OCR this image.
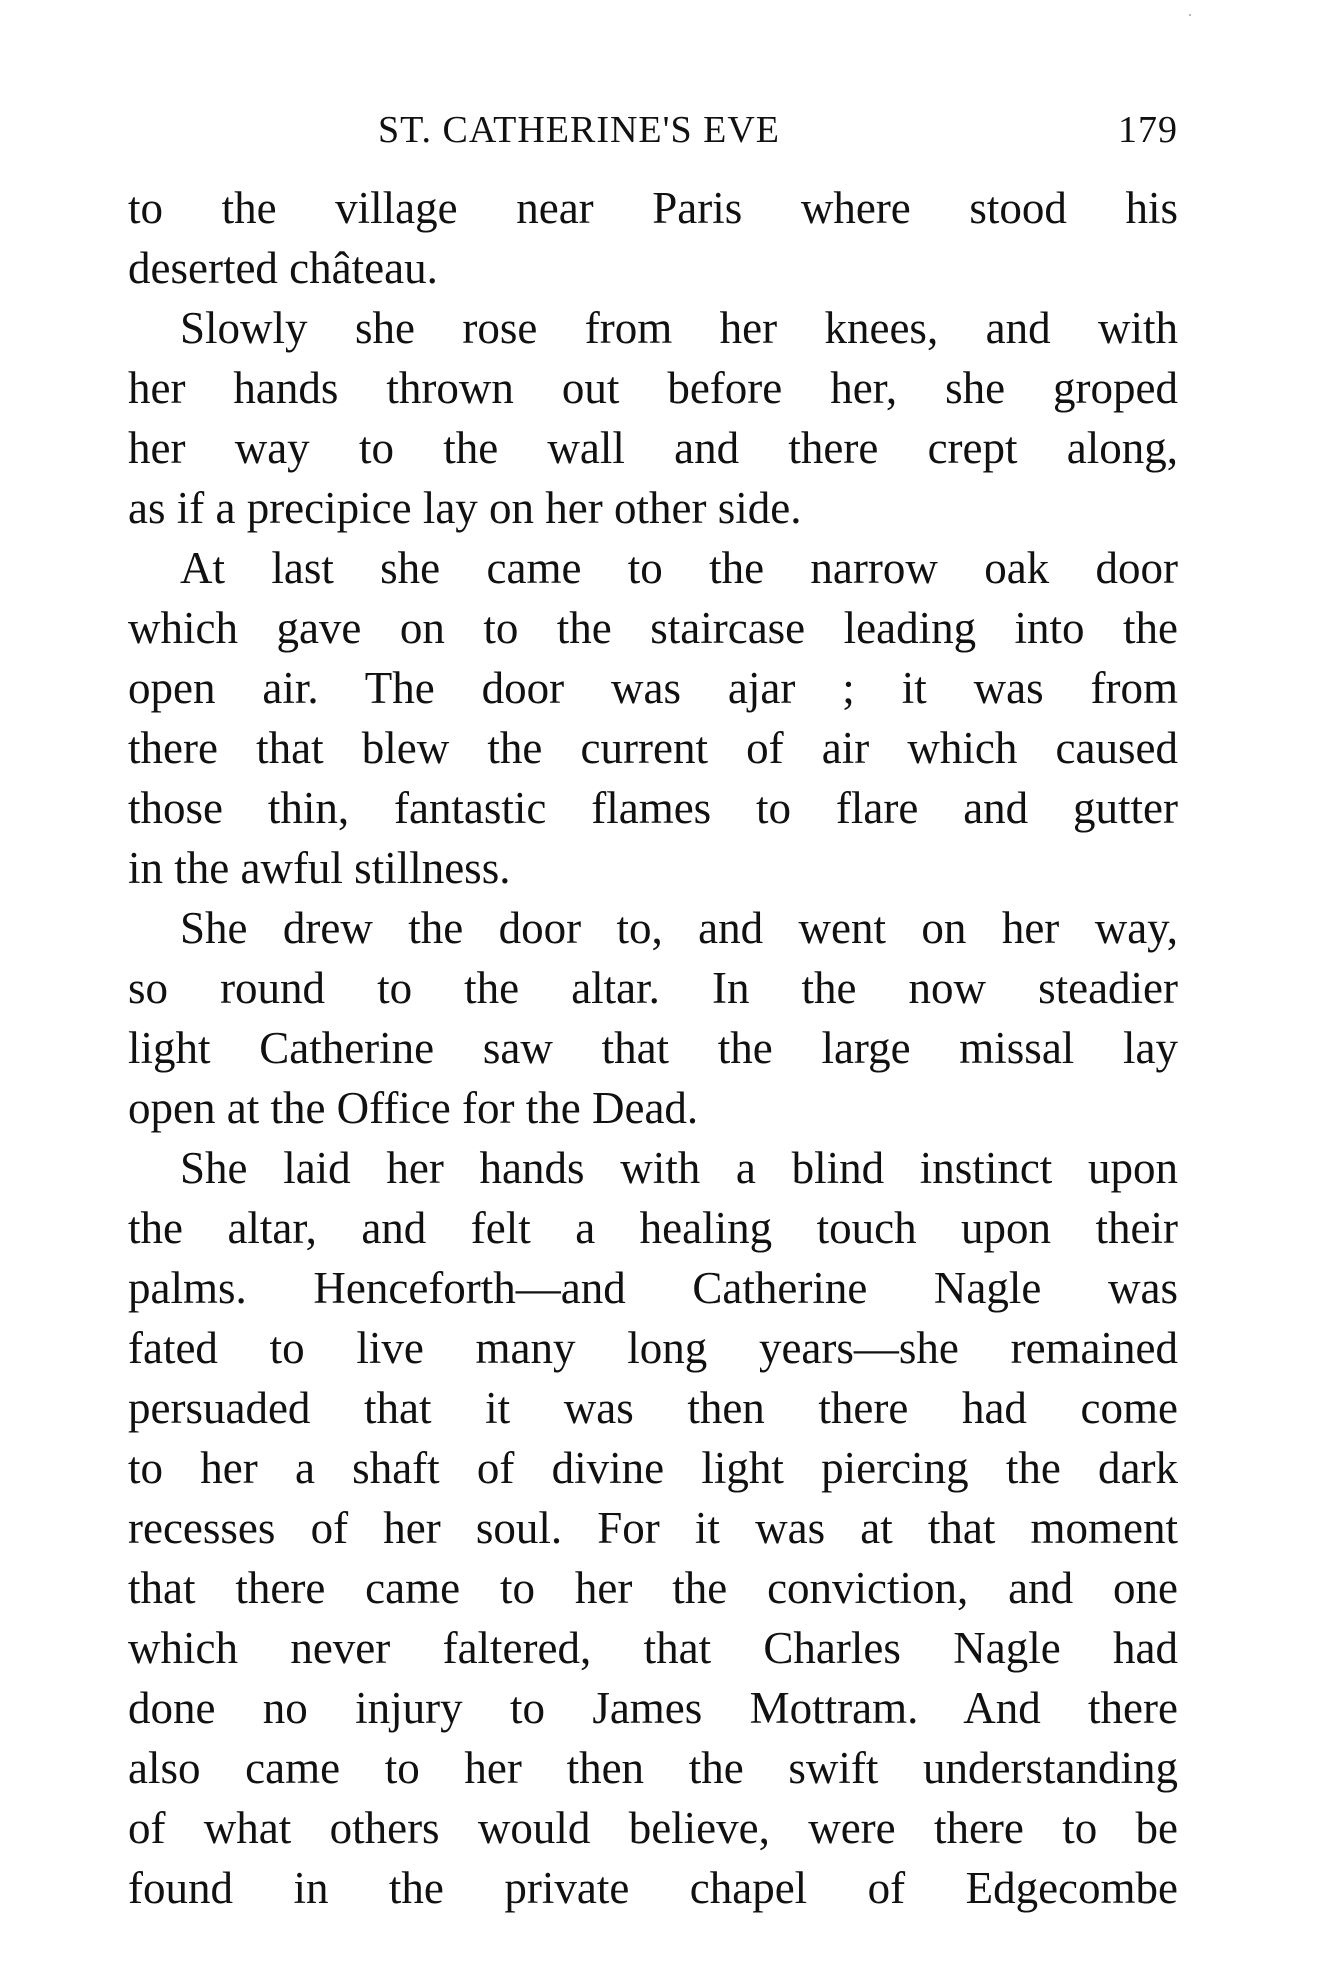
ST. CATHERINE'S EVE	179
to the village near Paris where stood his
deserted château.
Slowly she rose from her knees, and with
her hands thrown out before her, she groped
her way to the wall and there crept along,
as if a precipice lay on her other side.
At last she came to the narrow oak door
which gave on to the staircase leading into the
open air. The door was ajar ; it was from
there that blew the current of air which caused
those thin, fantastic flames to flare and gutter
in the awful stillness.
She drew the door to, and went on her way,
so round to the altar. In the now steadier
light Catherine saw that the large missal lay
open at the Office for the Dead.
She laid her hands with a blind instinct upon
the altar, and felt a healing touch upon their
palms. Henceforth—and Catherine Nagle was
fated to live many long years—she remained
persuaded that it was then there had come
to her a shaft of divine light piercing the dark
recesses of her soul. For it was at that moment
that there came to her the conviction, and one
which never faltered, that Charles Nagle had
done no injury to James Mottram. And there
also came to her then the swift understanding
of what others would believe, were there to be
found in the private chapel of Edgecombe
